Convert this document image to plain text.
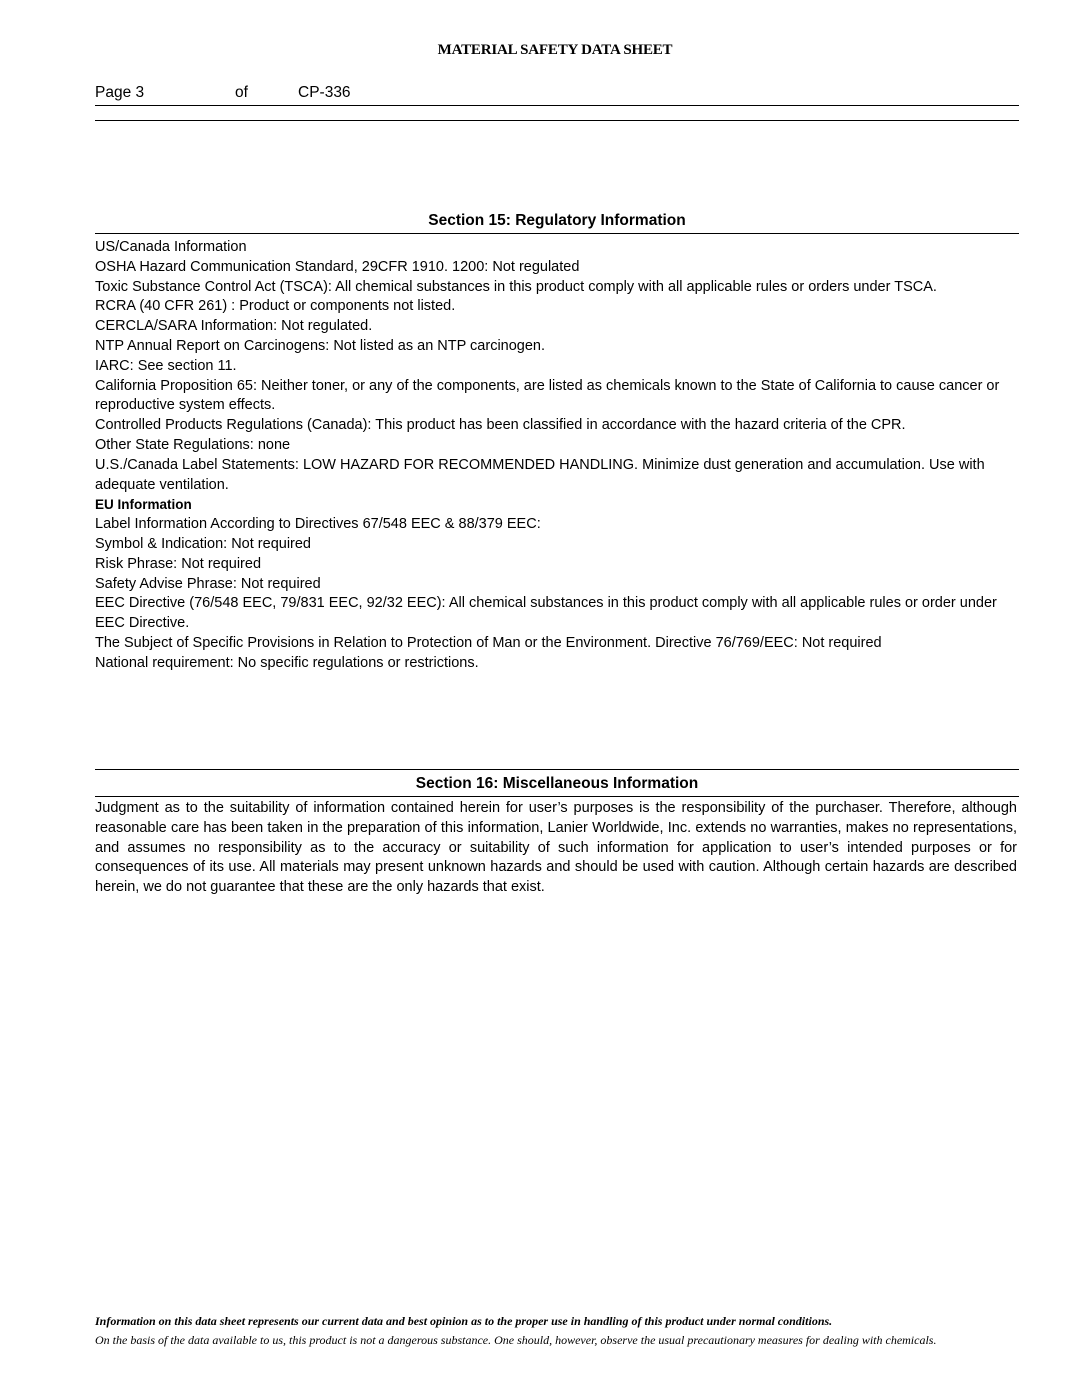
MATERIAL SAFETY DATA SHEET
Page 3	of	CP-336
Section 15: Regulatory Information

US/Canada Information

OSHA Hazard Communication Standard, 29CFR 1910. 1200: Not regulated

Toxic Substance Control Act (TSCA): All chemical substances in this product comply with all applicable rules or orders under TSCA.

RCRA (40 CFR 261) : Product or components not listed.

CERCLA/SARA Information: Not regulated.

NTP Annual Report on Carcinogens: Not listed as an NTP carcinogen.

IARC: See section 11.

California Proposition 65: Neither toner, or any of the components, are listed as chemicals known to the State of California to cause cancer or reproductive system effects.

Controlled Products Regulations (Canada): This product has been classified in accordance with the hazard criteria of the CPR.

Other State Regulations: none

U.S./Canada Label Statements: LOW HAZARD FOR RECOMMENDED HANDLING. Minimize dust generation and accumulation. Use with adequate ventilation.

EU Information

Label Information According to Directives 67/548 EEC & 88/379 EEC:

Symbol & Indication: Not required

Risk Phrase: Not required

Safety Advise Phrase: Not required

EEC Directive (76/548 EEC, 79/831 EEC, 92/32 EEC): All chemical substances in this product comply with all applicable rules or order under EEC Directive.

The Subject of Specific Provisions in Relation to Protection of Man or the Environment. Directive 76/769/EEC: Not required

National requirement: No specific regulations or restrictions.

Section 16: Miscellaneous Information

Judgment as to the suitability of information contained herein for user’s purposes is the responsibility of the purchaser. Therefore, although reasonable care has been taken in the preparation of this information, Lanier Worldwide, Inc. extends no warranties, makes no representations, and assumes no responsibility as to the accuracy or suitability of such information for application to user’s intended purposes or for consequences of its use. All materials may present unknown hazards and should be used with caution. Although certain hazards are described herein, we do not guarantee that these are the only hazards that exist.

Information on this data sheet represents our current data and best opinion as to the proper use in handling of this product under normal conditions.

On the basis of the data available to us, this product is not a dangerous substance. One should, however, observe the usual precautionary measures for dealing with chemicals.
